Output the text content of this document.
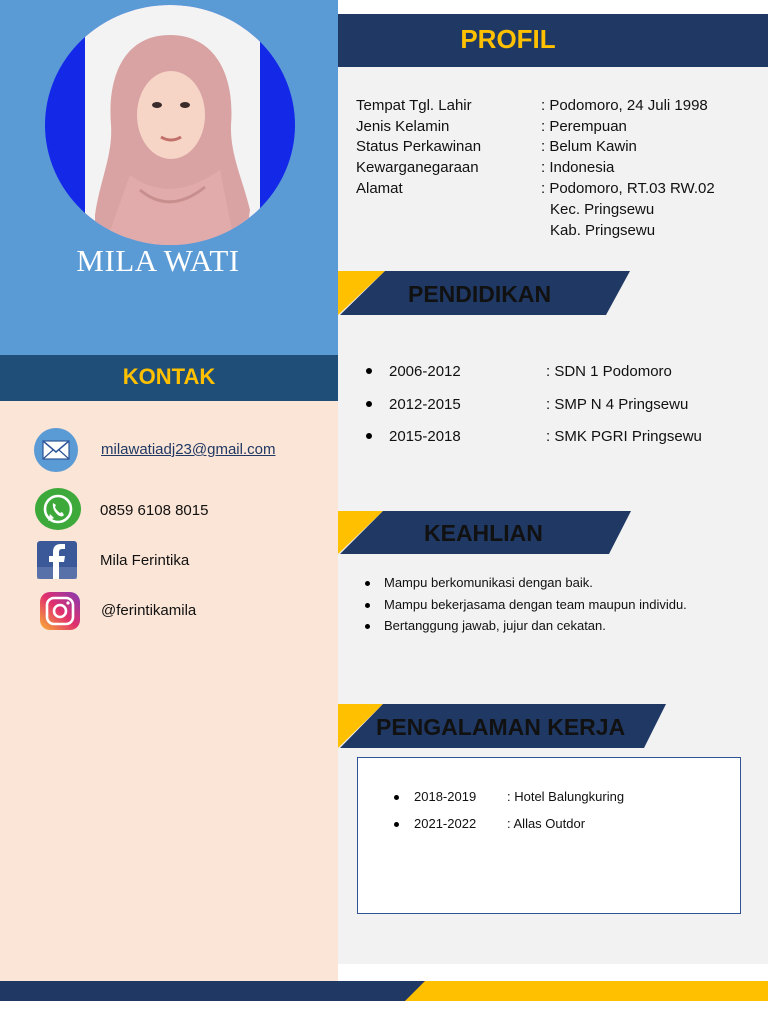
MILA WATI
KONTAK
milawatiadj23@gmail.com
0859 6108 8015
Mila Ferintika
@ferintikamila
PROFIL
Tempat Tgl. Lahir	: Podomoro, 24 Juli 1998
Jenis Kelamin	: Perempuan
Status Perkawinan	: Belum Kawin
Kewarganegaraan	: Indonesia
Alamat	: Podomoro, RT.03 RW.02
Kec. Pringsewu
Kab. Pringsewu
PENDIDIKAN
2006-2012	: SDN 1 Podomoro
2012-2015	: SMP N 4 Pringsewu
2015-2018	: SMK PGRI Pringsewu
KEAHLIAN
Mampu berkomunikasi dengan baik.
Mampu bekerjasama dengan team maupun individu.
Bertanggung jawab, jujur dan cekatan.
PENGALAMAN KERJA
2018-2019 : Hotel Balungkuring
2021-2022 : Allas Outdor
